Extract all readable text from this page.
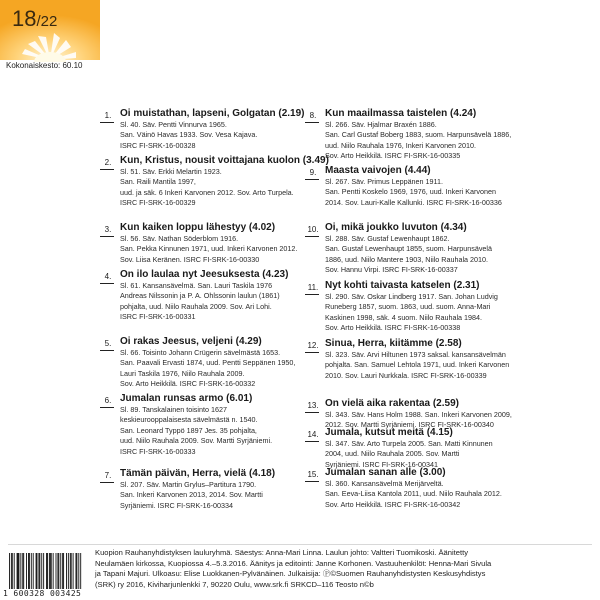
18/22
Kokonaiskesto: 60.10
1. Oi muistathan, lapseni, Golgatan (2.19)
Sl. 40. Säv. Pentti Vinnurva 1965.
San. Väinö Havas 1933. Sov. Vesa Kajava.
ISRC FI-SRK-16-00328
2. Kun, Kristus, nousit voittajana kuolon (3.49)
Sl. 51. Säv. Erkki Melartin 1923.
San. Raili Mantila 1997,
uud. ja säk. 6 Inkeri Karvonen 2012. Sov. Arto Turpela.
ISRC FI-SRK-16-00329
3. Kun kaiken loppu lähestyy (4.02)
Sl. 56. Säv. Nathan Söderblom 1916.
San. Pekka Kinnunen 1971, uud. Inkeri Karvonen 2012.
Sov. Liisa Keränen. ISRC FI-SRK-16-00330
4. On ilo laulaa nyt Jeesuksesta (4.23)
Sl. 61. Kansansävelmä. San. Lauri Taskila 1976
Andreas Nilssonin ja P. A. Ohlssonin laulun (1861)
pohjalta, uud. Niilo Rauhala 2009. Sov. Ari Lohi.
ISRC FI-SRK-16-00331
5. Oi rakas Jeesus, veljeni (4.29)
Sl. 66. Toisinto Johann Crügerin sävelmästä 1653.
San. Paavali Ervasti 1874, uud. Pentti Seppänen 1950,
Lauri Taskila 1976, Niilo Rauhala 2009.
Sov. Arto Heikkilä. ISRC FI-SRK-16-00332
6. Jumalan runsas armo (6.01)
Sl. 89. Tanskalainen toisinto 1627
keskieurooppalaisesta sävelmästä n. 1540.
San. Leonard Typpö 1897 Jes. 35 pohjalta,
uud. Niilo Rauhala 2009. Sov. Martti Syrjäniemi.
ISRC FI-SRK-16-00333
7. Tämän päivän, Herra, vielä (4.18)
Sl. 207. Säv. Martin Grylus–Partitura 1790.
San. Inkeri Karvonen 2013, 2014. Sov. Martti
Syrjäniemi. ISRC FI-SRK-16-00334
8. Kun maailmassa taistelen (4.24)
Sl. 266. Säv. Hjalmar Braxén 1886.
San. Carl Gustaf Boberg 1883, suom. Harpunsävelä 1886,
uud. Niilo Rauhala 1976, Inkeri Karvonen 2010.
Sov. Arto Heikkilä. ISRC FI-SRK-16-00335
9. Maasta vaivojen (4.44)
Sl. 267. Säv. Primus Leppänen 1911.
San. Pentti Koskelo 1969, 1976, uud. Inkeri Karvonen
2014. Sov. Lauri-Kalle Kallunki. ISRC FI-SRK-16-00336
10. Oi, mikä joukko luvuton (4.34)
Sl. 288. Säv. Gustaf Lewenhaupt 1862.
San. Gustaf Lewenhaupt 1855, suom. Harpunsävelä
1886, uud. Niilo Mantere 1903, Niilo Rauhala 2010.
Sov. Hannu Virpi. ISRC FI-SRK-16-00337
11. Nyt kohti taivasta katselen (2.31)
Sl. 290. Säv. Oskar Lindberg 1917. San. Johan Ludvig
Runeberg 1857, suom. 1863, uud. suom. Anna-Mari
Kaskinen 1998, säk. 4 suom. Niilo Rauhala 1984.
Sov. Arto Heikkilä. ISRC FI-SRK-16-00338
12. Sinua, Herra, kiitämme (2.58)
Sl. 323. Säv. Arvi Hiltunen 1973 saksal. kansansävelmän
pohjalta. San. Samuel Lehtola 1971, uud. Inkeri Karvonen
2010. Sov. Lauri Nurkkala. ISRC FI-SRK-16-00339
13. On vielä aika rakentaa (2.59)
Sl. 343. Säv. Hans Holm 1988. San. Inkeri Karvonen 2009,
2012. Sov. Martti Syrjäniemi. ISRC FI-SRK-16-00340
14. Jumala, kutsut meitä (4.15)
Sl. 347. Säv. Arto Turpela 2005. San. Matti Kinnunen
2004, uud. Niilo Rauhala 2005. Sov. Martti
Syrjäniemi. ISRC FI-SRK-16-00341
15. Jumalan sanan alle (3.00)
Sl. 360. Kansansävelmä Merijärveltä.
San. Eeva-Liisa Kantola 2011, uud. Niilo Rauhala 2012.
Sov. Arto Heikkilä. ISRC FI-SRK-16-00342
1 600328 003425
Kuopion Rauhanyhdistyksen lauluryhmä. Säestys: Anna-Mari Linna. Laulun johto: Valtteri Tuomikoski. Äänitetty
Neulamäen kirkossa, Kuopiossa 4.–5.3.2016. Äänitys ja editointi: Janne Korhonen. Vastuuhenkilöt: Henna-Mari Sivula
ja Tapani Majuri. Ulkoasu: Elise Luokkanen-Pylvänäinen. Julkaisija: Ⓟ©Suomen Rauhanyhdistysten Keskusyhdistys
(SRK) ry 2016, Kiviharjunlenkki 7, 90220 Oulu, www.srk.fi SRKCD–116 Teosto n©b
